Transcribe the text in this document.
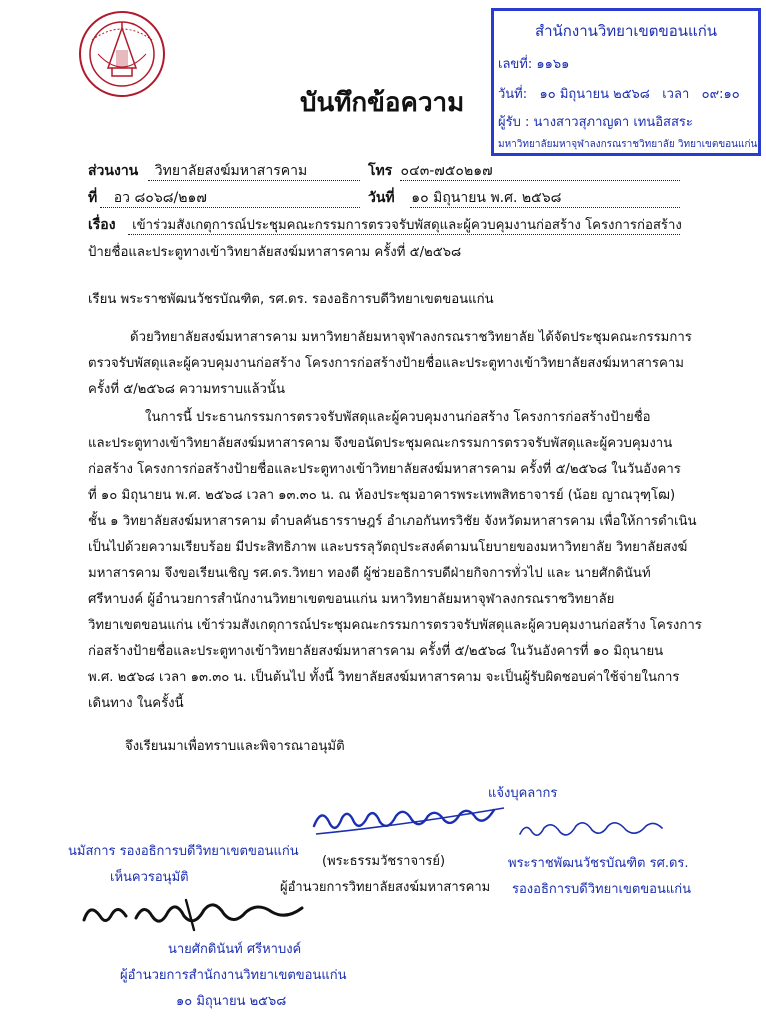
บันทึกข้อความ
สำนักงานวิทยาเขตขอนแก่น
เลขที่: ๑๑๖๑
วันที่: ๑๐ มิถุนายน ๒๕๖๘ เวลา ๐๙:๑๐
ผู้รับ : นางสาวสุภาญดา เทนอิสสระ
มหาวิทยาลัยมหาจุฬาลงกรณราชวิทยาลัย วิทยาเขตขอนแก่น
ส่วนงาน วิทยาลัยสงฆ์มหาสารคาม	โทร ๐๔๓-๗๕๐๒๑๗
ที่ อว ๘๐๖๘/๒๑๗	วันที่ ๑๐ มิถุนายน พ.ศ. ๒๕๖๘
เรื่อง เข้าร่วมสังเกตุการณ์ประชุมคณะกรรมการตรวจรับพัสดุและผู้ควบคุมงานก่อสร้าง โครงการก่อสร้าง
ป้ายชื่อและประตูทางเข้าวิทยาลัยสงฆ์มหาสารคาม ครั้งที่ ๕/๒๕๖๘
เรียน พระราชพัฒนวัชรบัณฑิต, รศ.ดร. รองอธิการบดีวิทยาเขตขอนแก่น
ด้วยวิทยาลัยสงฆ์มหาสารคาม มหาวิทยาลัยมหาจุฬาลงกรณราชวิทยาลัย ได้จัดประชุมคณะกรรมการ
ตรวจรับพัสดุและผู้ควบคุมงานก่อสร้าง โครงการก่อสร้างป้ายชื่อและประตูทางเข้าวิทยาลัยสงฆ์มหาสารคาม
ครั้งที่ ๕/๒๕๖๘ ความทราบแล้วนั้น
ในการนี้ ประธานกรรมการตรวจรับพัสดุและผู้ควบคุมงานก่อสร้าง โครงการก่อสร้างป้ายชื่อ
และประตูทางเข้าวิทยาลัยสงฆ์มหาสารคาม จึงขอนัดประชุมคณะกรรมการตรวจรับพัสดุและผู้ควบคุมงาน
ก่อสร้าง โครงการก่อสร้างป้ายชื่อและประตูทางเข้าวิทยาลัยสงฆ์มหาสารคาม ครั้งที่ ๕/๒๕๖๘ ในวันอังคาร
ที่ ๑๐ มิถุนายน พ.ศ. ๒๕๖๘ เวลา ๑๓.๓๐ น. ณ ห้องประชุมอาคารพระเทพสิทธาจารย์ (น้อย ญาณวุฑฺโฒ)
ชั้น ๑ วิทยาลัยสงฆ์มหาสารคาม ตำบลคันธารราษฎร์ อำเภอกันทรวิชัย จังหวัดมหาสารคาม เพื่อให้การดำเนิน
เป็นไปด้วยความเรียบร้อย มีประสิทธิภาพ และบรรลุวัตถุประสงค์ตามนโยบายของมหาวิทยาลัย วิทยาลัยสงฆ์
มหาสารคาม จึงขอเรียนเชิญ รศ.ดร.วิทยา ทองดี ผู้ช่วยอธิการบดีฝ่ายกิจการทั่วไป และ นายศักดินันท์
ศรีหาบงค์ ผู้อำนวยการสำนักงานวิทยาเขตขอนแก่น มหาวิทยาลัยมหาจุฬาลงกรณราชวิทยาลัย
วิทยาเขตขอนแก่น เข้าร่วมสังเกตุการณ์ประชุมคณะกรรมการตรวจรับพัสดุและผู้ควบคุมงานก่อสร้าง โครงการ
ก่อสร้างป้ายชื่อและประตูทางเข้าวิทยาลัยสงฆ์มหาสารคาม ครั้งที่ ๕/๒๕๖๘ ในวันอังคารที่ ๑๐ มิถุนายน
พ.ศ. ๒๕๖๘ เวลา ๑๓.๓๐ น. เป็นต้นไป ทั้งนี้ วิทยาลัยสงฆ์มหาสารคาม จะเป็นผู้รับผิดชอบค่าใช้จ่ายในการ
เดินทาง ในครั้งนี้
จึงเรียนมาเพื่อทราบและพิจารณาอนุมัติ
แจ้งบุคลากร
(พระธรรมวัชราจารย์)
ผู้อำนวยการวิทยาลัยสงฆ์มหาสารคาม
พระราชพัฒนวัชรบัณฑิต รศ.ดร.
รองอธิการบดีวิทยาเขตขอนแก่น
นมัสการ รองอธิการบดีวิทยาเขตขอนแก่น
เห็นควรอนุมัติ
นายศักดินันท์ ศรีหาบงค์
ผู้อำนวยการสำนักงานวิทยาเขตขอนแก่น
๑๐ มิถุนายน ๒๕๖๘
